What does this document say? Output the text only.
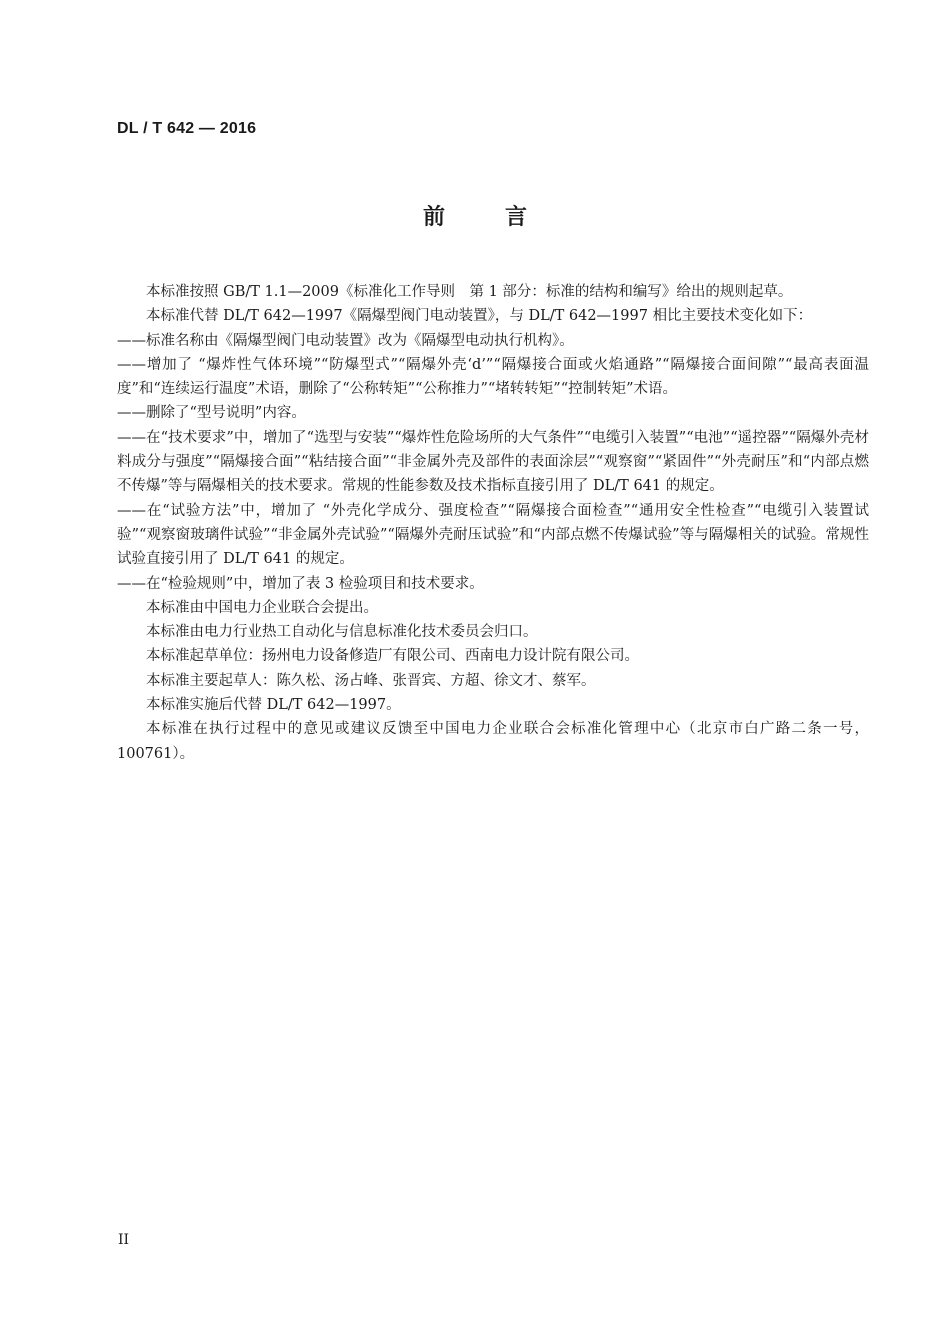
DL / T 642 — 2016
前言

本标准按照 GB/T 1.1—2009《标准化工作导则　第 1 部分：标准的结构和编写》给出的规则起草。

本标准代替 DL/T 642—1997《隔爆型阀门电动装置》，与 DL/T 642—1997 相比主要技术变化如下：

——标准名称由《隔爆型阀门电动装置》改为《隔爆型电动执行机构》。

——增加了 “爆炸性气体环境”“防爆型式”“隔爆外壳‘d’”“隔爆接合面或火焰通路”“隔爆接合面间隙”“最高表面温度”和“连续运行温度”术语，删除了“公称转矩”“公称推力”“堵转转矩”“控制转矩”术语。

——删除了“型号说明”内容。

——在“技术要求”中，增加了“选型与安装”“爆炸性危险场所的大气条件”“电缆引入装置”“电池”“遥控器”“隔爆外壳材料成分与强度”“隔爆接合面”“粘结接合面”“非金属外壳及部件的表面涂层”“观察窗”“紧固件”“外壳耐压”和“内部点燃不传爆”等与隔爆相关的技术要求。常规的性能参数及技术指标直接引用了 DL/T 641 的规定。

——在“试验方法”中，增加了 “外壳化学成分、强度检查”“隔爆接合面检查”“通用安全性检查”“电缆引入装置试验”“观察窗玻璃件试验”“非金属外壳试验”“隔爆外壳耐压试验”和“内部点燃不传爆试验”等与隔爆相关的试验。常规性试验直接引用了 DL/T 641 的规定。

——在“检验规则”中，增加了表 3 检验项目和技术要求。

本标准由中国电力企业联合会提出。

本标准由电力行业热工自动化与信息标准化技术委员会归口。

本标准起草单位：扬州电力设备修造厂有限公司、西南电力设计院有限公司。

本标准主要起草人：陈久松、汤占峰、张晋宾、方超、徐文才、蔡军。

本标准实施后代替 DL/T 642—1997。

本标准在执行过程中的意见或建议反馈至中国电力企业联合会标准化管理中心（北京市白广路二条一号，100761）。

II
